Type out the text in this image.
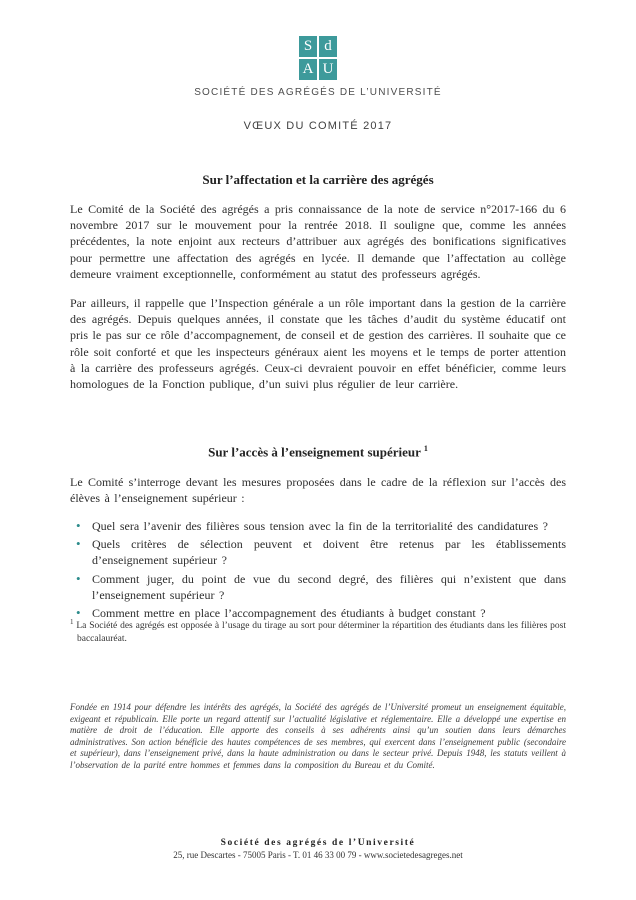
S d
A U
SOCIÉTÉ DES AGRÉGÉS DE L’UNIVERSITÉ
VŒUX DU COMITÉ 2017
Sur l’affectation et la carrière des agrégés

Le Comité de la Société des agrégés a pris connaissance de la note de service n°2017-166 du 6 novembre 2017 sur le mouvement pour la rentrée 2018. Il souligne que, comme les années précédentes, la note enjoint aux recteurs d’attribuer aux agrégés des bonifications significatives pour permettre une affectation des agrégés en lycée. Il demande que l’affectation au collège demeure vraiment exceptionnelle, conformément au statut des professeurs agrégés.

Par ailleurs, il rappelle que l’Inspection générale a un rôle important dans la gestion de la carrière des agrégés. Depuis quelques années, il constate que les tâches d’audit du système éducatif ont pris le pas sur ce rôle d’accompagnement, de conseil et de gestion des carrières. Il souhaite que ce rôle soit conforté et que les inspecteurs généraux aient les moyens et le temps de porter attention à la carrière des professeurs agrégés. Ceux-ci devraient pouvoir en effet bénéficier, comme leurs homologues de la Fonction publique, d’un suivi plus régulier de leur carrière.

Sur l’accès à l’enseignement supérieur $^1$

Le Comité s’interroge devant les mesures proposées dans le cadre de la réflexion sur l’accès des élèves à l’enseignement supérieur :

• Quel sera l’avenir des filières sous tension avec la fin de la territorialité des candidatures ?
• Quels critères de sélection peuvent et doivent être retenus par les établissements d’enseignement supérieur ?
• Comment juger, du point de vue du second degré, des filières qui n’existent que dans l’enseignement supérieur ?
• Comment mettre en place l’accompagnement des étudiants à budget constant ?
$^1$ La Société des agrégés est opposée à l’usage du tirage au sort pour déterminer la répartition des étudiants dans les filières post baccalauréat.

Fondée en 1914 pour défendre les intérêts des agrégés, la Société des agrégés de l’Université promeut un enseignement équitable, exigeant et républicain. Elle porte un regard attentif sur l’actualité législative et réglementaire. Elle a développé une expertise en matière de droit de l’éducation. Elle apporte des conseils à ses adhérents ainsi qu’un soutien dans leurs démarches administratives. Son action bénéficie des hautes compétences de ses membres, qui exercent dans l’enseignement public (secondaire et supérieur), dans l’enseignement privé, dans la haute administration ou dans le secteur privé. Depuis 1948, les statuts veillent à l’observation de la parité entre hommes et femmes dans la composition du Bureau et du Comité.

Société des agrégés de l’Université
25, rue Descartes - 75005 Paris - T. 01 46 33 00 79 - www.societedesagreges.net
